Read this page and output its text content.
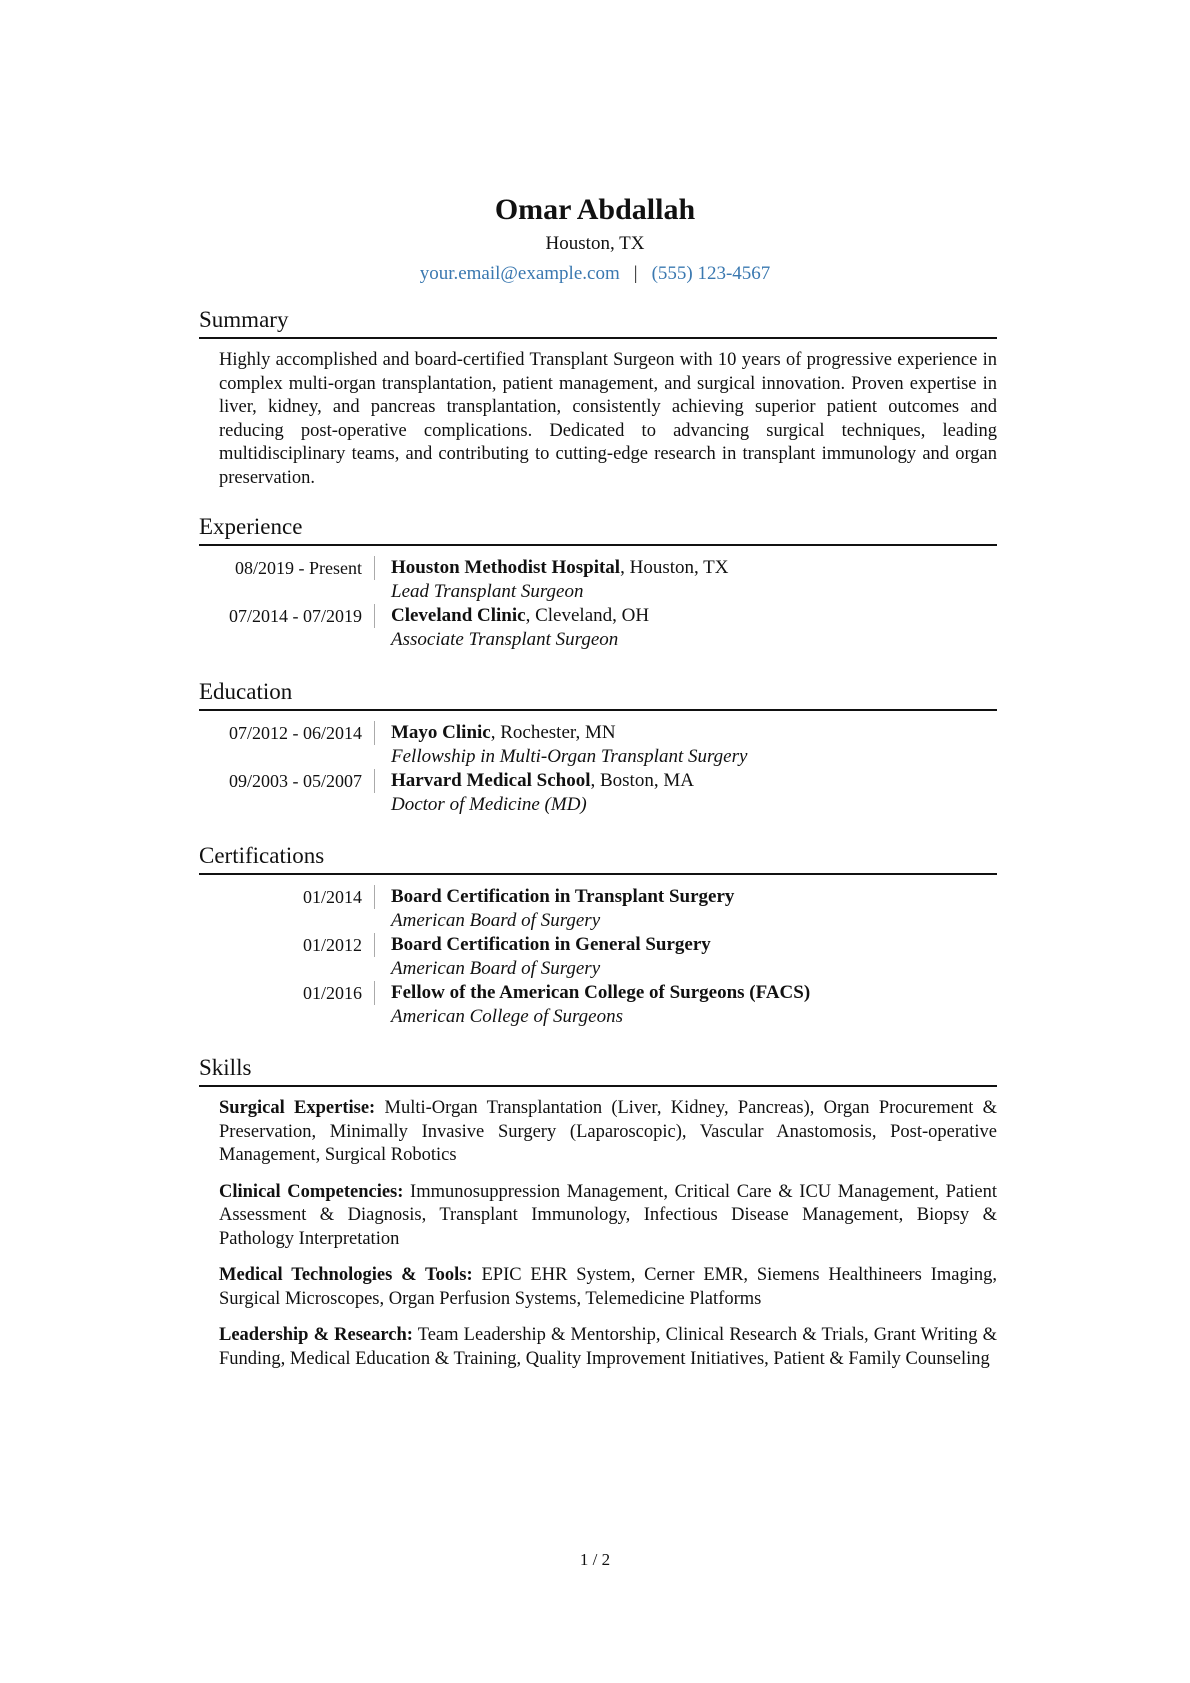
Omar Abdallah
Houston, TX
your.email@example.com | (555) 123-4567
Summary
Highly accomplished and board-certified Transplant Surgeon with 10 years of progressive experience in complex multi-organ transplantation, patient management, and surgical innovation. Proven expertise in liver, kidney, and pancreas transplantation, consistently achieving superior patient outcomes and reducing post-operative complications. Dedicated to advancing surgical techniques, leading multidisciplinary teams, and contributing to cutting-edge research in transplant immunology and organ preservation.
Experience
08/2019 - Present	Houston Methodist Hospital, Houston, TX
Lead Transplant Surgeon
07/2014 - 07/2019	Cleveland Clinic, Cleveland, OH
Associate Transplant Surgeon
Education
07/2012 - 06/2014	Mayo Clinic, Rochester, MN
Fellowship in Multi-Organ Transplant Surgery
09/2003 - 05/2007	Harvard Medical School, Boston, MA
Doctor of Medicine (MD)
Certifications
01/2014	Board Certification in Transplant Surgery
American Board of Surgery
01/2012	Board Certification in General Surgery
American Board of Surgery
01/2016	Fellow of the American College of Surgeons (FACS)
American College of Surgeons
Skills
Surgical Expertise: Multi-Organ Transplantation (Liver, Kidney, Pancreas), Organ Procurement & Preservation, Minimally Invasive Surgery (Laparoscopic), Vascular Anastomosis, Post-operative Management, Surgical Robotics
Clinical Competencies: Immunosuppression Management, Critical Care & ICU Management, Patient Assessment & Diagnosis, Transplant Immunology, Infectious Disease Management, Biopsy & Pathology Interpretation
Medical Technologies & Tools: EPIC EHR System, Cerner EMR, Siemens Healthineers Imaging, Surgical Microscopes, Organ Perfusion Systems, Telemedicine Platforms
Leadership & Research: Team Leadership & Mentorship, Clinical Research & Trials, Grant Writing & Funding, Medical Education & Training, Quality Improvement Initiatives, Patient & Family Counseling
1 / 2
